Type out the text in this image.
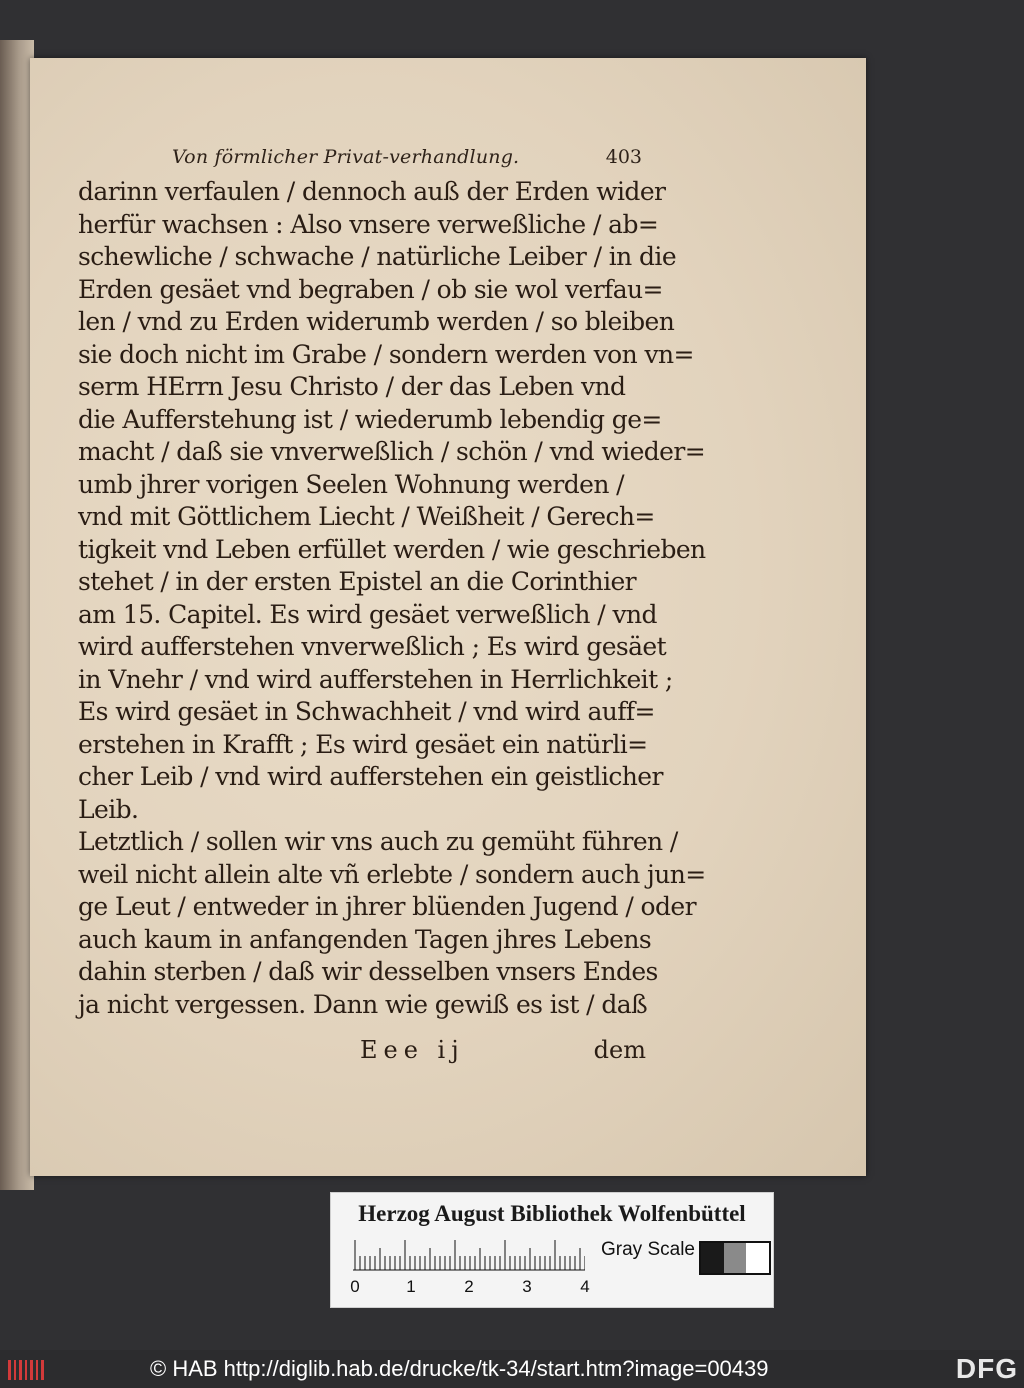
Von förmlicher Privat-verhandlung.	403
darinn verfaulen / dennoch auß der Erden wider
herfür wachsen : Also vnsere verweßliche / ab=
schewliche / schwache / natürliche Leiber / in die
Erden gesäet vnd begraben / ob sie wol verfau=
len / vnd zu Erden widerumb werden / so bleiben
sie doch nicht im Grabe / sondern werden von vn=
serm HErrn Jesu Christo / der das Leben vnd
die Aufferstehung ist / wiederumb lebendig ge=
macht / daß sie vnverweßlich / schön / vnd wieder=
umb jhrer vorigen Seelen Wohnung werden /
vnd mit Göttlichem Liecht / Weißheit / Gerech=
tigkeit vnd Leben erfüllet werden / wie geschrieben
stehet / in der ersten Epistel an die Corinthier
am 15. Capitel. Es wird gesäet verweßlich / vnd
wird aufferstehen vnverweßlich ; Es wird gesäet
in Vnehr / vnd wird aufferstehen in Herrlichkeit ;
Es wird gesäet in Schwachheit / vnd wird auff=
erstehen in Krafft ; Es wird gesäet ein natürli=
cher Leib / vnd wird aufferstehen ein geistlicher
Leib.
Letztlich / sollen wir vns auch zu gemüht führen /
weil nicht allein alte vñ erlebte / sondern auch jun=
ge Leut / entweder in jhrer blüenden Jugend / oder
auch kaum in anfangenden Tagen jhres Lebens
dahin sterben / daß wir desselben vnsers Endes
ja nicht vergessen. Dann wie gewiß es ist / daß
Eee ij	dem
Herzog August Bibliothek Wolfenbüttel
0	1	2	3	4
Gray Scale
© HAB http://diglib.hab.de/drucke/tk-34/start.htm?image=00439	DFG
